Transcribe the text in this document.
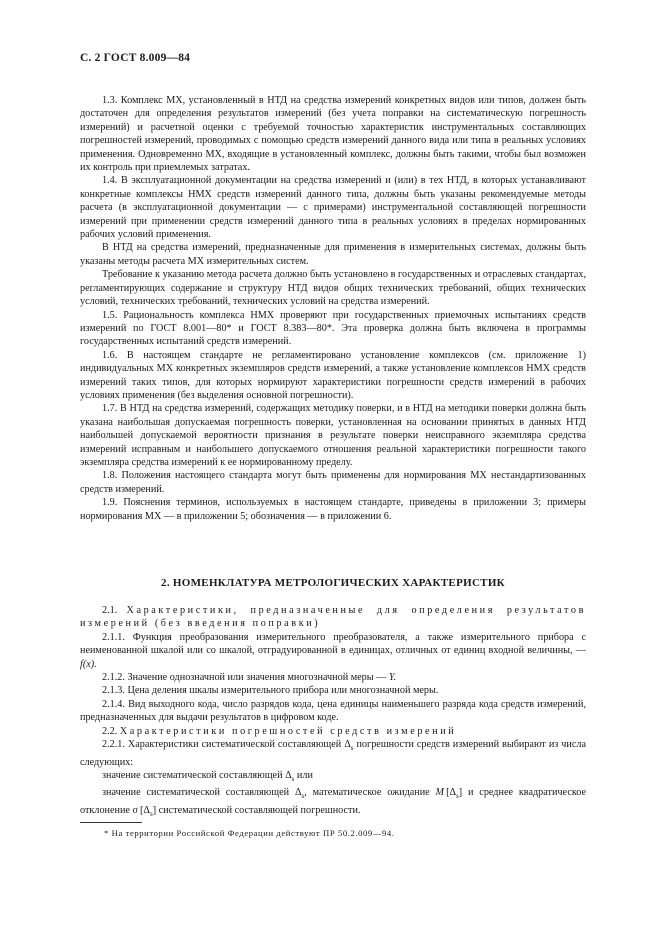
С. 2 ГОСТ 8.009—84

1.3. Комплекс МХ, установленный в НТД на средства измерений конкретных видов или типов, должен быть достаточен для определения результатов измерений (без учета поправки на систематическую погрешность измерений) и расчетной оценки с требуемой точностью характеристик инструментальных составляющих погрешностей измерений, проводимых с помощью средств измерений данного вида или типа в реальных условиях применения. Одновременно МХ, входящие в установленный комплекс, должны быть такими, чтобы был возможен их контроль при приемлемых затратах.

1.4. В эксплуатационной документации на средства измерений и (или) в тех НТД, в которых устанавливают конкретные комплексы НМХ средств измерений данного типа, должны быть указаны рекомендуемые методы расчета (в эксплуатационной документации — с примерами) инструментальной составляющей погрешности измерений при применении средств измерений данного типа в реальных условиях в пределах нормированных рабочих условий применения.

В НТД на средства измерений, предназначенные для применения в измерительных системах, должны быть указаны методы расчета МХ измерительных систем.

Требование к указанию метода расчета должно быть установлено в государственных и отраслевых стандартах, регламентирующих содержание и структуру НТД видов общих технических требований, общих технических условий, технических требований, технических условий на средства измерений.

1.5. Рациональность комплекса НМХ проверяют при государственных приемочных испытаниях средств измерений по ГОСТ 8.001—80* и ГОСТ 8.383—80*. Эта проверка должна быть включена в программы государственных испытаний средств измерений.

1.6. В настоящем стандарте не регламентировано установление комплексов (см. приложение 1) индивидуальных МХ конкретных экземпляров средств измерений, а также установление комплексов НМХ средств измерений таких типов, для которых нормируют характеристики погрешности средств измерений в рабочих условиях применения (без выделения основной погрешности).

1.7. В НТД на средства измерений, содержащих методику поверки, и в НТД на методики поверки должна быть указана наибольшая допускаемая погрешность поверки, установленная на основании принятых в данных НТД наибольшей допускаемой вероятности признания в результате поверки неисправного экземпляра средства измерений исправным и наибольшего допускаемого отношения реальной характеристики погрешности такого экземпляра средства измерений к ее нормированному пределу.

1.8. Положения настоящего стандарта могут быть применены для нормирования МХ нестандартизованных средств измерений.

1.9. Пояснения терминов, используемых в настоящем стандарте, приведены в приложении 3; примеры нормирования МХ — в приложении 5; обозначения — в приложении 6.

2. НОМЕНКЛАТУРА МЕТРОЛОГИЧЕСКИХ ХАРАКТЕРИСТИК

2.1. Характеристики, предназначенные для определения результатов измерений (без введения поправки)

2.1.1. Функция преобразования измерительного преобразователя, а также измерительного прибора с неименованной шкалой или со шкалой, отградуированной в единицах, отличных от единиц входной величины, — f(x).

2.1.2. Значение однозначной или значения многозначной меры — Y.

2.1.3. Цена деления шкалы измерительного прибора или многозначной меры.

2.1.4. Вид выходного кода, число разрядов кода, цена единицы наименьшего разряда кода средств измерений, предназначенных для выдачи результатов в цифровом коде.

2.2. Характеристики погрешностей средств измерений

2.2.1. Характеристики систематической составляющей $\Delta_s$ погрешности средств измерений выбирают из числа следующих:

значение систематической составляющей $\Delta_s$ или

значение систематической составляющей $\Delta_s$, математическое ожидание M $[\Delta_s]$ и среднее квадратическое отклонение σ $[\Delta_s]$ систематической составляющей погрешности.

* На территории Российской Федерации действуют ПР 50.2.009—94.
